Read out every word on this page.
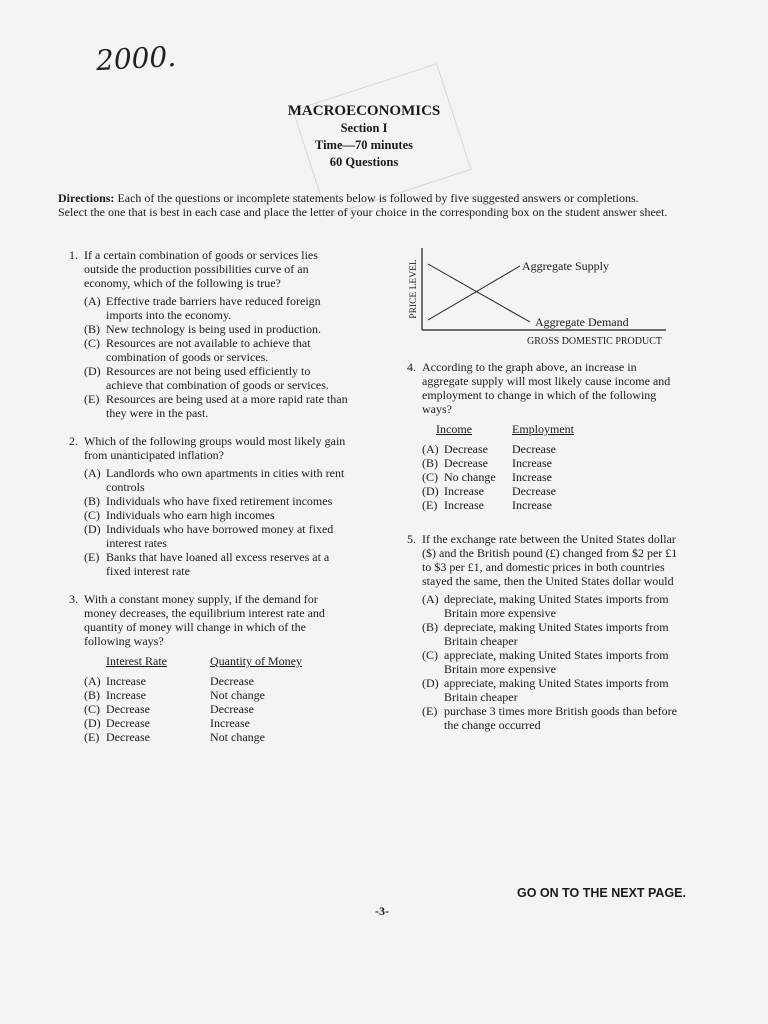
2000.
MACROECONOMICS
Section I
Time—70 minutes
60 Questions
Directions: Each of the questions or incomplete statements below is followed by five suggested answers or completions. Select the one that is best in each case and place the letter of your choice in the corresponding box on the student answer sheet.
1. If a certain combination of goods or services lies outside the production possibilities curve of an economy, which of the following is true?
(A) Effective trade barriers have reduced foreign imports into the economy.
(B) New technology is being used in production.
(C) Resources are not available to achieve that combination of goods or services.
(D) Resources are not being used efficiently to achieve that combination of goods or services.
(E) Resources are being used at a more rapid rate than they were in the past.
2. Which of the following groups would most likely gain from unanticipated inflation?
(A) Landlords who own apartments in cities with rent controls
(B) Individuals who have fixed retirement incomes
(C) Individuals who earn high incomes
(D) Individuals who have borrowed money at fixed interest rates
(E) Banks that have loaned all excess reserves at a fixed interest rate
3. With a constant money supply, if the demand for money decreases, the equilibrium interest rate and quantity of money will change in which of the following ways?
Interest Rate	Quantity of Money
(A) Increase	Decrease
(B) Increase	Not change
(C) Decrease	Decrease
(D) Decrease	Increase
(E) Decrease	Not change
PRICE LEVEL	Aggregate Supply
Aggregate Demand
GROSS DOMESTIC PRODUCT
4. According to the graph above, an increase in aggregate supply will most likely cause income and employment to change in which of the following ways?
Income	Employment
(A) Decrease	Decrease
(B) Decrease	Increase
(C) No change	Increase
(D) Increase	Decrease
(E) Increase	Increase
5. If the exchange rate between the United States dollar ($) and the British pound (£) changed from $2 per £1 to $3 per £1, and domestic prices in both countries stayed the same, then the United States dollar would
(A) depreciate, making United States imports from Britain more expensive
(B) depreciate, making United States imports from Britain cheaper
(C) appreciate, making United States imports from Britain more expensive
(D) appreciate, making United States imports from Britain cheaper
(E) purchase 3 times more British goods than before the change occurred
GO ON TO THE NEXT PAGE.
-3-
